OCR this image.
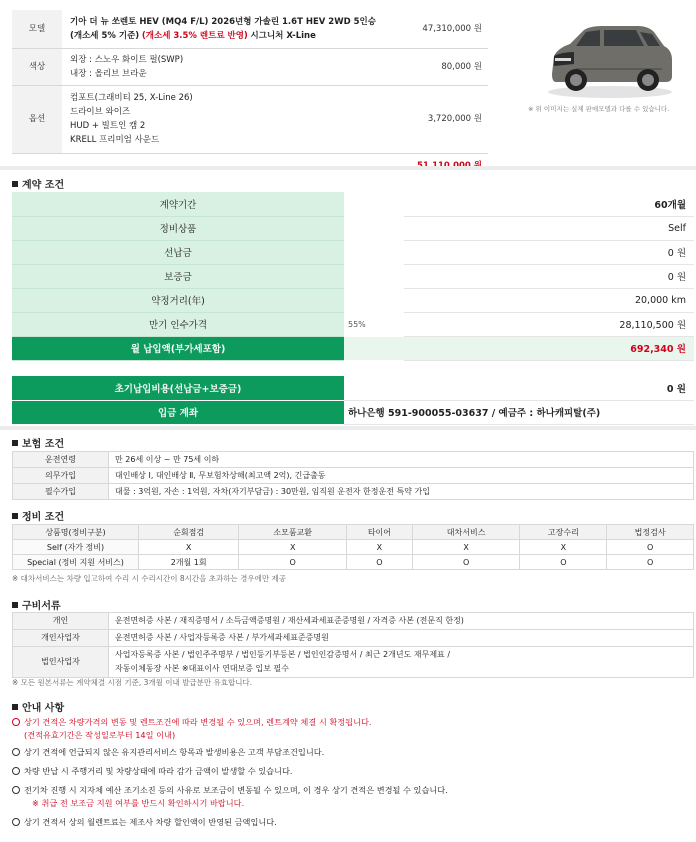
모델	기아 더 뉴 쏘렌토 HEV (MQ4 F/L) 2026년형 가솔린 1.6T HEV 2WD 5인승 (개소세 5% 기준) (개소세 3.5% 렌트료 반영) 시그니처 X-Line	47,310,000 원
색상	외장 : 스노우 화이트 펄(SWP)
내장 : 올리브 브라운	80,000 원
옵션	컴포트(그래비티 25, X-Line 26)
드라이브 와이즈
HUD + 빌트인 캠 2
KRELL 프리미엄 사운드	3,720,000 원

※ 위 이미지는 실제 판매모델과 다를 수 있습니다.
계약 조건
계약기간		60개월
정비상품		Self
선납금		0 원
보증금		0 원
약정거리(年)		20,000 km
만기 인수가격	55%	28,110,500 원
월 납입액(부가세포함)		692,340 원
초기납입비용(선납금+보증금)	0 원
입금 계좌	하나은행 591-900055-03637 / 예금주 : 하나캐피탈(주)
보험 조건
운전연령	만 26세 이상 ~ 만 75세 이하
의무가입	대인배상 Ⅰ, 대인배상 Ⅱ, 무보험차상해(최고액 2억), 긴급출동
필수가입	대물 : 3억원, 자손 : 1억원, 자차(자기부담금) : 30만원, 임직원 운전자 한정운전 특약 가입
정비 조건
상품명(정비구분)	순회점검	소모품교환	타이어	대차서비스	고장수리	법정검사
Self (자가 정비)	X	X	X	X	X	O
Special (정비 지원 서비스)	2개월 1회	O	O	O	O	O
※ 대차서비스는 차량 입고하여 수리 시 수리시간이 8시간을 초과하는 경우에만 제공
구비서류
개인	운전면허증 사본 / 재직증명서 / 소득금액증명원 / 재산세과세표준증명원 / 자격증 사본 (전문직 한정)
개인사업자	운전면허증 사본 / 사업자등록증 사본 / 부가세과세표준증명원
법인사업자	사업자등록증 사본 / 법인주주명부 / 법인등기부등본 / 법인인감증명서 / 최근 2개년도 재무제표 /
자동이체동장 사본 ※대표이사 연대보증 입보 필수
※ 모든 원본서류는 계약체결 시점 기준, 3개월 이내 발급분만 유효합니다.
안내 사항
상기 견적은 차량가격의 변동 및 렌트조건에 따라 변경될 수 있으며, 렌트계약 체결 시 확정됩니다.
(견적유효기간은 작성일로부터 14일 이내)
상기 견적에 언급되지 않은 유지관리서비스 항목과 발생비용은 고객 부담조건입니다.
차량 반납 시 주행거리 및 차량상태에 따라 감가 금액이 발생할 수 있습니다.
전기차 진행 시 지자체 예산 조기소진 등의 사유로 보조금이 변동될 수 있으며, 이 경우 상기 견적은 변경될 수 있습니다.
※ 취급 전 보조금 지원 여부를 반드시 확인하시기 바랍니다.
상기 견적서 상의 월렌트료는 제조사 차량 할인액이 반영된 금액입니다.
